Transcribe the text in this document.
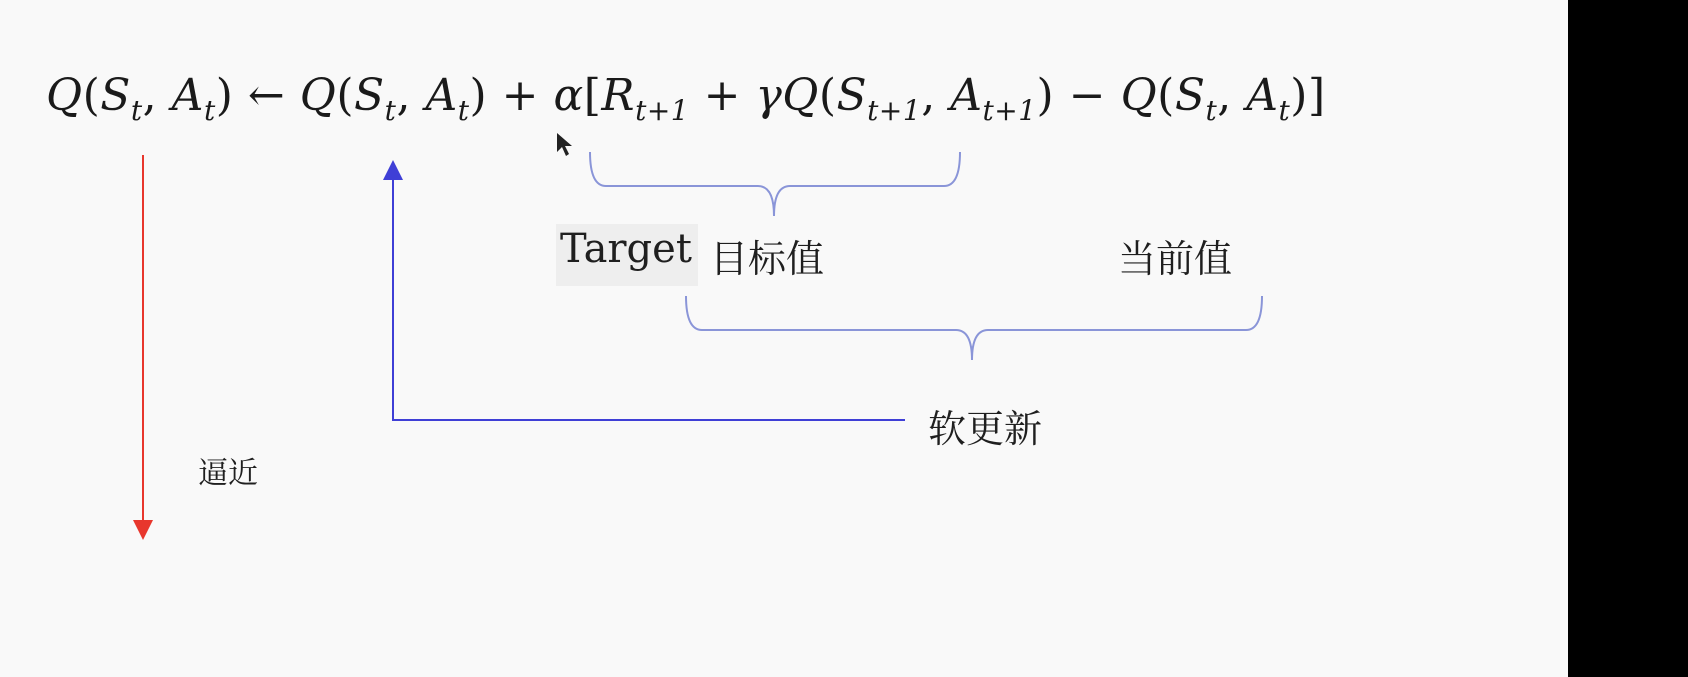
$Q(S_t$, $A_t$) ← $Q(S_t$, $A_t) + \alpha[R_{t+1} + \gamma Q(S_{t+1}$, $A_{t+1}) - Q(S_t$, $A_t$)]
Target 目标值	当前值
软更新
逼近
